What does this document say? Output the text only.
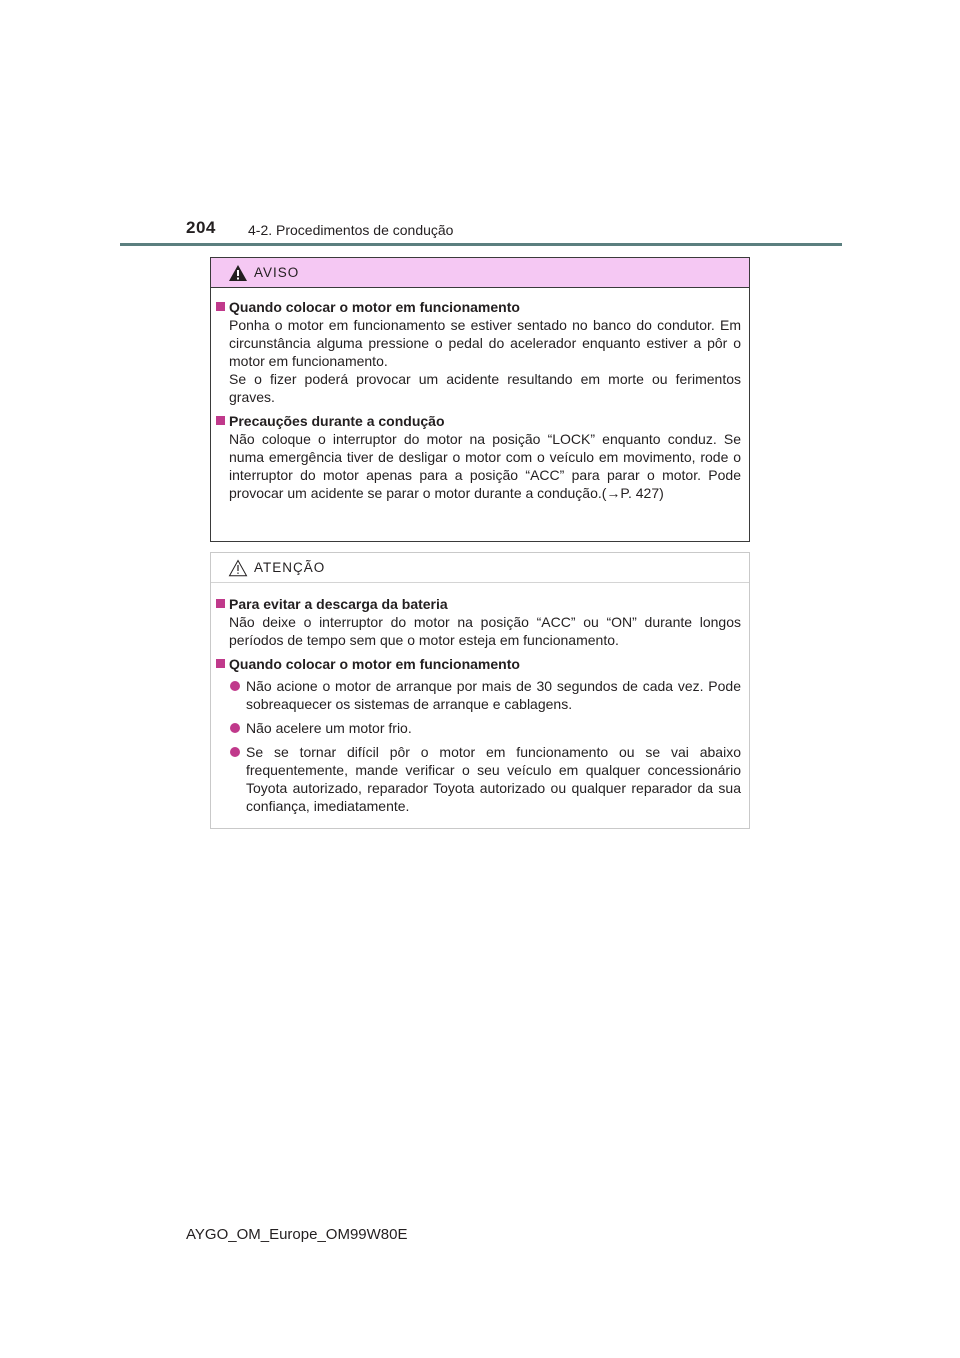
204 4-2. Procedimentos de condução
AVISO
Quando colocar o motor em funcionamento

Ponha o motor em funcionamento se estiver sentado no banco do condutor. Em circunstância alguma pressione o pedal do acelerador enquanto estiver a pôr o motor em funcionamento.

Se o fizer poderá provocar um acidente resultando em morte ou ferimentos graves.

Precauções durante a condução

Não coloque o interruptor do motor na posição “LOCK” enquanto conduz. Se numa emergência tiver de desligar o motor com o veículo em movimento, rode o interruptor do motor apenas para a posição “ACC” para parar o motor. Pode provocar um acidente se parar o motor durante a condução.(→P. 427)

ATENÇÃO
Para evitar a descarga da bateria

Não deixe o interruptor do motor na posição “ACC” ou “ON” durante longos períodos de tempo sem que o motor esteja em funcionamento.

Quando colocar o motor em funcionamento
Não acione o motor de arranque por mais de 30 segundos de cada vez. Pode sobreaquecer os sistemas de arranque e cablagens.
Não acelere um motor frio.
Se se tornar difícil pôr o motor em funcionamento ou se vai abaixo frequentemente, mande verificar o seu veículo em qualquer concessionário Toyota autorizado, reparador Toyota autorizado ou qualquer reparador da sua confiança, imediatamente.
AYGO_OM_Europe_OM99W80E
